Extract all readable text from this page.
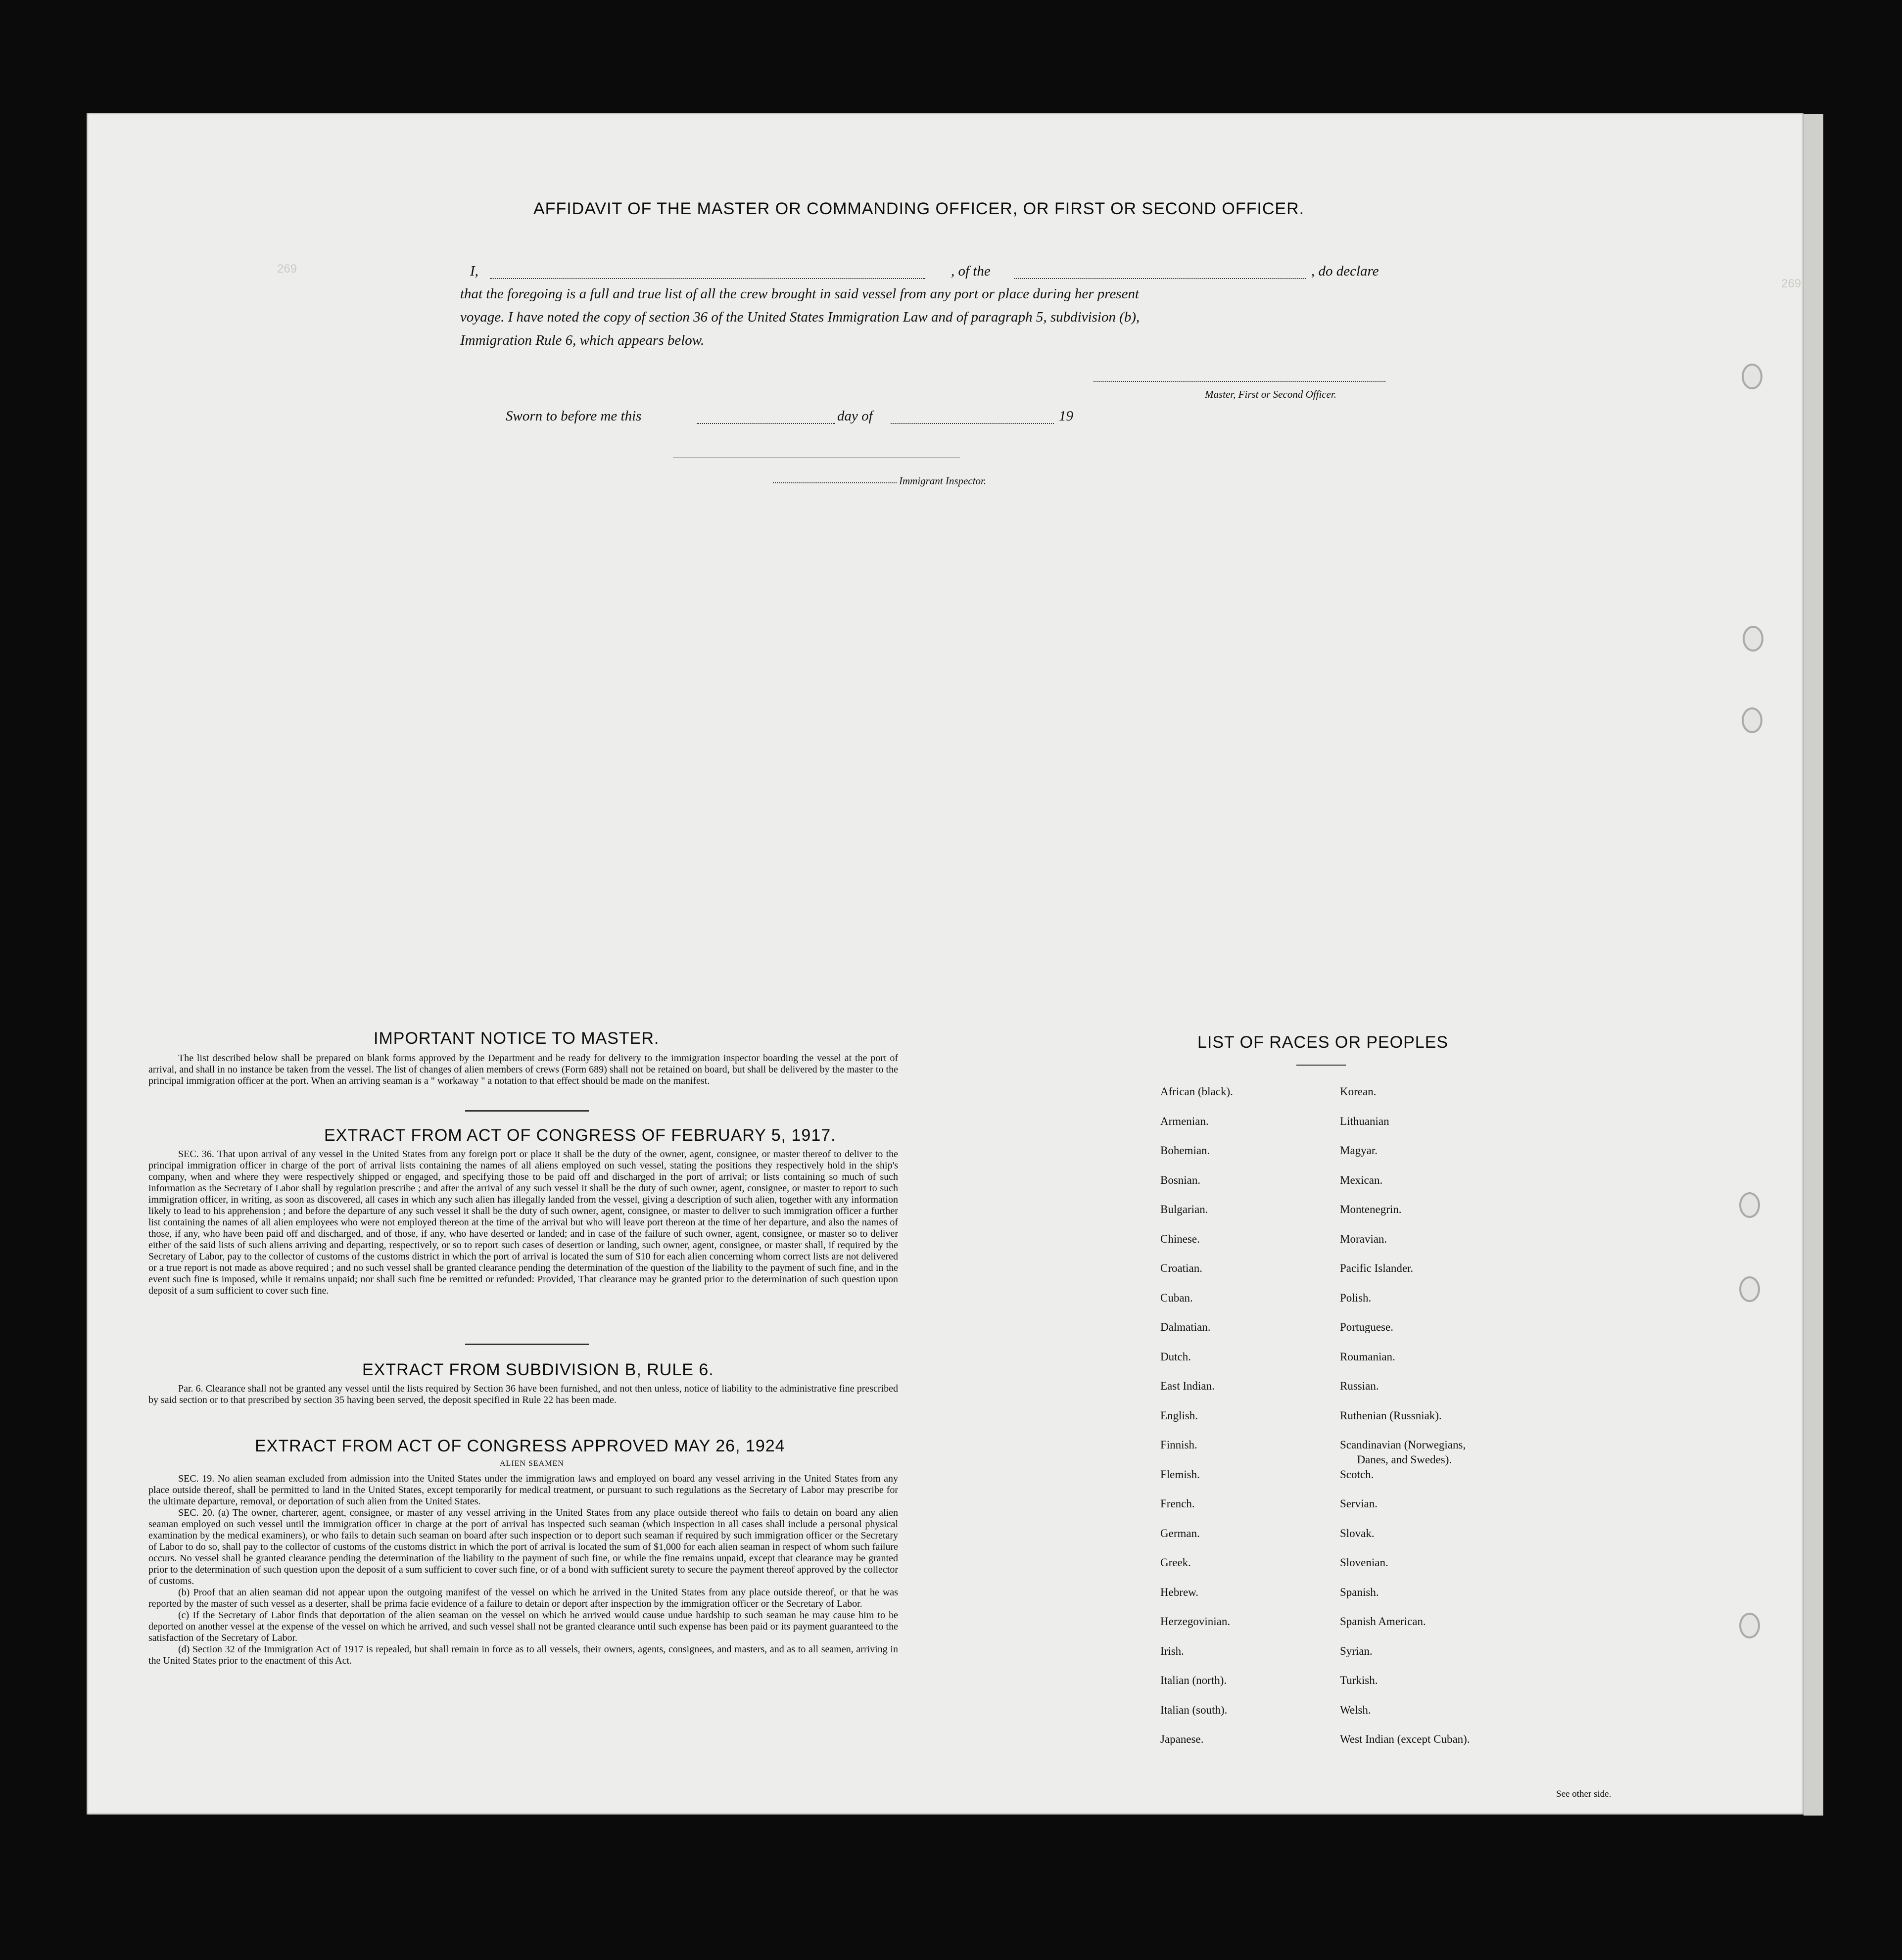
269
269
AFFIDAVIT OF THE MASTER OR COMMANDING OFFICER, OR FIRST OR SECOND OFFICER.
I,	, of the	, do declare
that the foregoing is a full and true list of all the crew brought in said vessel from any port or place during her present
voyage. I have noted the copy of section 36 of the United States Immigration Law and of paragraph 5, subdivision (b),
Immigration Rule 6, which appears below.
Master, First or Second Officer.
Sworn to before me this	day of	19
Immigrant Inspector.
IMPORTANT NOTICE TO MASTER.
The list described below shall be prepared on blank forms approved by the Department and be ready for delivery to the immigration inspector boarding the vessel at the port of arrival, and shall in no instance be taken from the vessel. The list of changes of alien members of crews (Form 689) shall not be retained on board, but shall be delivered by the master to the principal immigration officer at the port. When an arriving seaman is a " workaway " a notation to that effect should be made on the manifest.
EXTRACT FROM ACT OF CONGRESS OF FEBRUARY 5, 1917.
SEC. 36. That upon arrival of any vessel in the United States from any foreign port or place it shall be the duty of the owner, agent, consignee, or master thereof to deliver to the principal immigration officer in charge of the port of arrival lists containing the names of all aliens employed on such vessel, stating the positions they respectively hold in the ship's company, when and where they were respectively shipped or engaged, and specifying those to be paid off and discharged in the port of arrival; or lists containing so much of such information as the Secretary of Labor shall by regulation prescribe ; and after the arrival of any such vessel it shall be the duty of such owner, agent, consignee, or master to report to such immigration officer, in writing, as soon as discovered, all cases in which any such alien has illegally landed from the vessel, giving a description of such alien, together with any information likely to lead to his apprehension ; and before the departure of any such vessel it shall be the duty of such owner, agent, consignee, or master to deliver to such immigration officer a further list containing the names of all alien employees who were not employed thereon at the time of the arrival but who will leave port thereon at the time of her departure, and also the names of those, if any, who have been paid off and discharged, and of those, if any, who have deserted or landed; and in case of the failure of such owner, agent, consignee, or master so to deliver either of the said lists of such aliens arriving and departing, respectively, or so to report such cases of desertion or landing, such owner, agent, consignee, or master shall, if required by the Secretary of Labor, pay to the collector of customs of the customs district in which the port of arrival is located the sum of $10 for each alien concerning whom correct lists are not delivered or a true report is not made as above required ; and no such vessel shall be granted clearance pending the determination of the question of the liability to the payment of such fine, and in the event such fine is imposed, while it remains unpaid; nor shall such fine be remitted or refunded: Provided, That clearance may be granted prior to the determination of such question upon deposit of a sum sufficient to cover such fine.
EXTRACT FROM SUBDIVISION B, RULE 6.
Par. 6. Clearance shall not be granted any vessel until the lists required by Section 36 have been furnished, and not then unless, notice of liability to the administrative fine prescribed by said section or to that prescribed by section 35 having been served, the deposit specified in Rule 22 has been made.
EXTRACT FROM ACT OF CONGRESS APPROVED MAY 26, 1924
ALIEN SEAMEN
SEC. 19. No alien seaman excluded from admission into the United States under the immigration laws and employed on board any vessel arriving in the United States from any place outside thereof, shall be permitted to land in the United States, except temporarily for medical treatment, or pursuant to such regulations as the Secretary of Labor may prescribe for the ultimate departure, removal, or deportation of such alien from the United States.
SEC. 20. (a) The owner, charterer, agent, consignee, or master of any vessel arriving in the United States from any place outside thereof who fails to detain on board any alien seaman employed on such vessel until the immigration officer in charge at the port of arrival has inspected such seaman (which inspection in all cases shall include a personal physical examination by the medical examiners), or who fails to detain such seaman on board after such inspection or to deport such seaman if required by such immigration officer or the Secretary of Labor to do so, shall pay to the collector of customs of the customs district in which the port of arrival is located the sum of $1,000 for each alien seaman in respect of whom such failure occurs. No vessel shall be granted clearance pending the determination of the liability to the payment of such fine, or while the fine remains unpaid, except that clearance may be granted prior to the determination of such question upon the deposit of a sum sufficient to cover such fine, or of a bond with sufficient surety to secure the payment thereof approved by the collector of customs.
(b) Proof that an alien seaman did not appear upon the outgoing manifest of the vessel on which he arrived in the United States from any place outside thereof, or that he was reported by the master of such vessel as a deserter, shall be prima facie evidence of a failure to detain or deport after inspection by the immigration officer or the Secretary of Labor.
(c) If the Secretary of Labor finds that deportation of the alien seaman on the vessel on which he arrived would cause undue hardship to such seaman he may cause him to be deported on another vessel at the expense of the vessel on which he arrived, and such vessel shall not be granted clearance until such expense has been paid or its payment guaranteed to the satisfaction of the Secretary of Labor.
(d) Section 32 of the Immigration Act of 1917 is repealed, but shall remain in force as to all vessels, their owners, agents, consignees, and masters, and as to all seamen, arriving in the United States prior to the enactment of this Act.
LIST OF RACES OR PEOPLES
African (black).
Armenian.
Bohemian.
Bosnian.
Bulgarian.
Chinese.
Croatian.
Cuban.
Dalmatian.
Dutch.
East Indian.
English.
Finnish.
Flemish.
French.
German.
Greek.
Hebrew.
Herzegovinian.
Irish.
Italian (north).
Italian (south).
Japanese.
Korean.
Lithuanian
Magyar.
Mexican.
Montenegrin.
Moravian.
Pacific Islander.
Polish.
Portuguese.
Roumanian.
Russian.
Ruthenian (Russniak).
Scandinavian (Norwegians,
Danes, and Swedes).
Scotch.
Servian.
Slovak.
Slovenian.
Spanish.
Spanish American.
Syrian.
Turkish.
Welsh.
West Indian (except Cuban).
See other side.
